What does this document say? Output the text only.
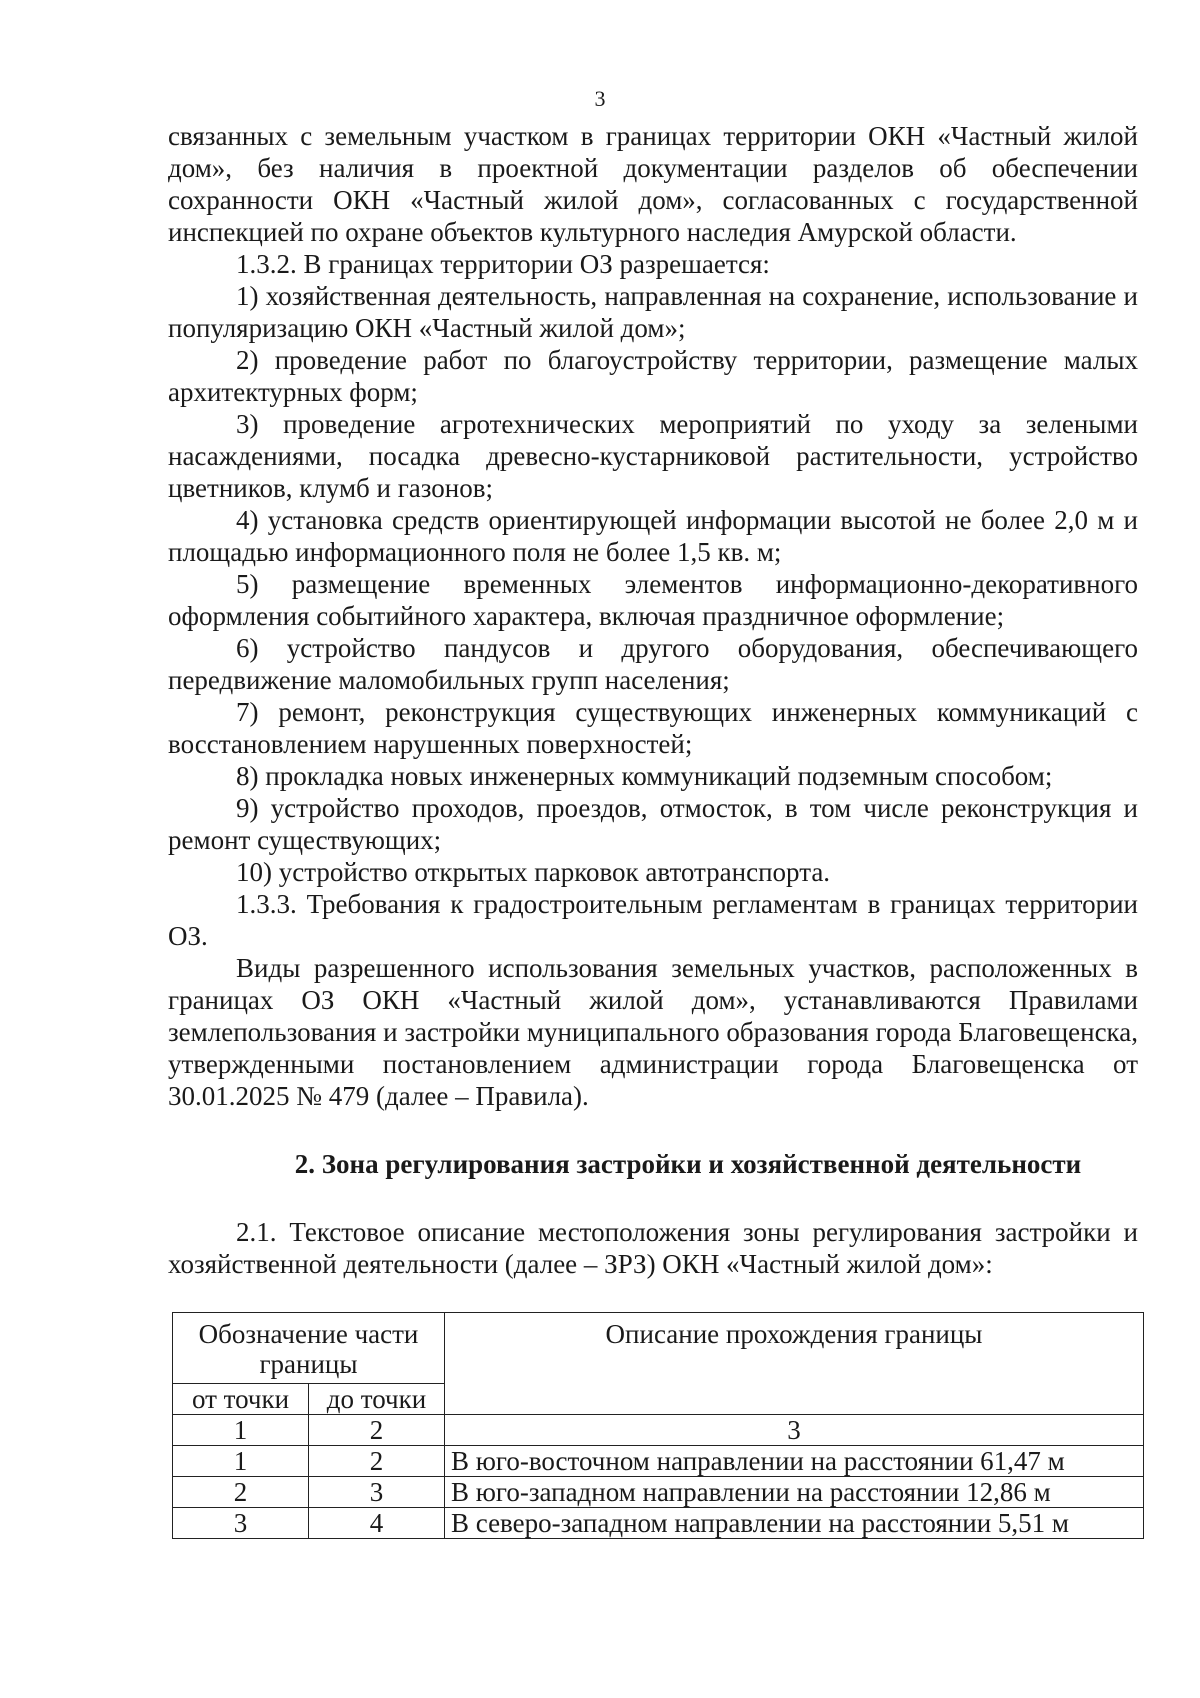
3

связанных с земельным участком в границах территории ОКН «Частный жилой дом», без наличия в проектной документации разделов об обеспечении сохранности ОКН «Частный жилой дом», согласованных с государственной инспекцией по охране объектов культурного наследия Амурской области.

1.3.2. В границах территории ОЗ разрешается:

1) хозяйственная деятельность, направленная на сохранение, использование и популяризацию ОКН «Частный жилой дом»;

2) проведение работ по благоустройству территории, размещение малых архитектурных форм;

3) проведение агротехнических мероприятий по уходу за зелеными насаждениями, посадка древесно-кустарниковой растительности, устройство цветников, клумб и газонов;

4) установка средств ориентирующей информации высотой не более 2,0 м и площадью информационного поля не более 1,5 кв. м;

5) размещение временных элементов информационно-декоративного оформления событийного характера, включая праздничное оформление;

6) устройство пандусов и другого оборудования, обеспечивающего передвижение маломобильных групп населения;

7) ремонт, реконструкция существующих инженерных коммуникаций с восстановлением нарушенных поверхностей;

8) прокладка новых инженерных коммуникаций подземным способом;

9) устройство проходов, проездов, отмосток, в том числе реконструкция и ремонт существующих;

10) устройство открытых парковок автотранспорта.

1.3.3. Требования к градостроительным регламентам в границах территории ОЗ.

Виды разрешенного использования земельных участков, расположенных в границах ОЗ ОКН «Частный жилой дом», устанавливаются Правилами землепользования и застройки муниципального образования города Благовещенска, утвержденными постановлением администрации города Благовещенска от 30.01.2025 № 479 (далее – Правила).

2. Зона регулирования застройки и хозяйственной деятельности

2.1. Текстовое описание местоположения зоны регулирования застройки и хозяйственной деятельности (далее – ЗРЗ) ОКН «Частный жилой дом»:

Обозначение части границы		Описание прохождения границы
от точки	до точки	
1	2	3
1	2	В юго-восточном направлении на расстоянии 61,47 м
2	3	В юго-западном направлении на расстоянии 12,86 м
3	4	В северо-западном направлении на расстоянии 5,51 м
